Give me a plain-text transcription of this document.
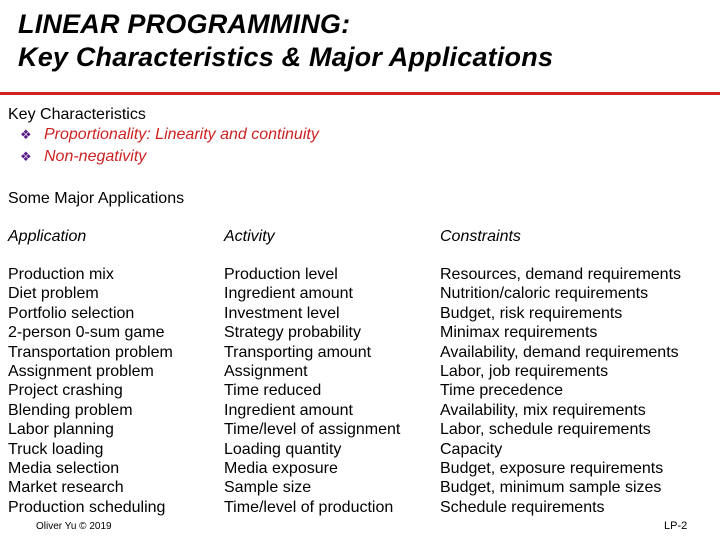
LINEAR PROGRAMMING:
Key Characteristics & Major Applications
Key Characteristics
❖ Proportionality: Linearity and continuity
❖ Non-negativity
Some Major Applications
Application
Production mix
Diet problem
Portfolio selection
2-person 0-sum game
Transportation problem
Assignment problem
Project crashing
Blending problem
Labor planning
Truck loading
Media selection
Market research
Production scheduling
Activity
Production level
Ingredient amount
Investment level
Strategy probability
Transporting amount
Assignment
Time reduced
Ingredient amount
Time/level of assignment
Loading quantity
Media exposure
Sample size
Time/level of production
Constraints
Resources, demand requirements
Nutrition/caloric requirements
Budget, risk requirements
Minimax requirements
Availability, demand requirements
Labor, job requirements
Time precedence
Availability, mix requirements
Labor, schedule requirements
Capacity
Budget, exposure requirements
Budget, minimum sample sizes
Schedule requirements
Oliver Yu © 2019	LP-2
